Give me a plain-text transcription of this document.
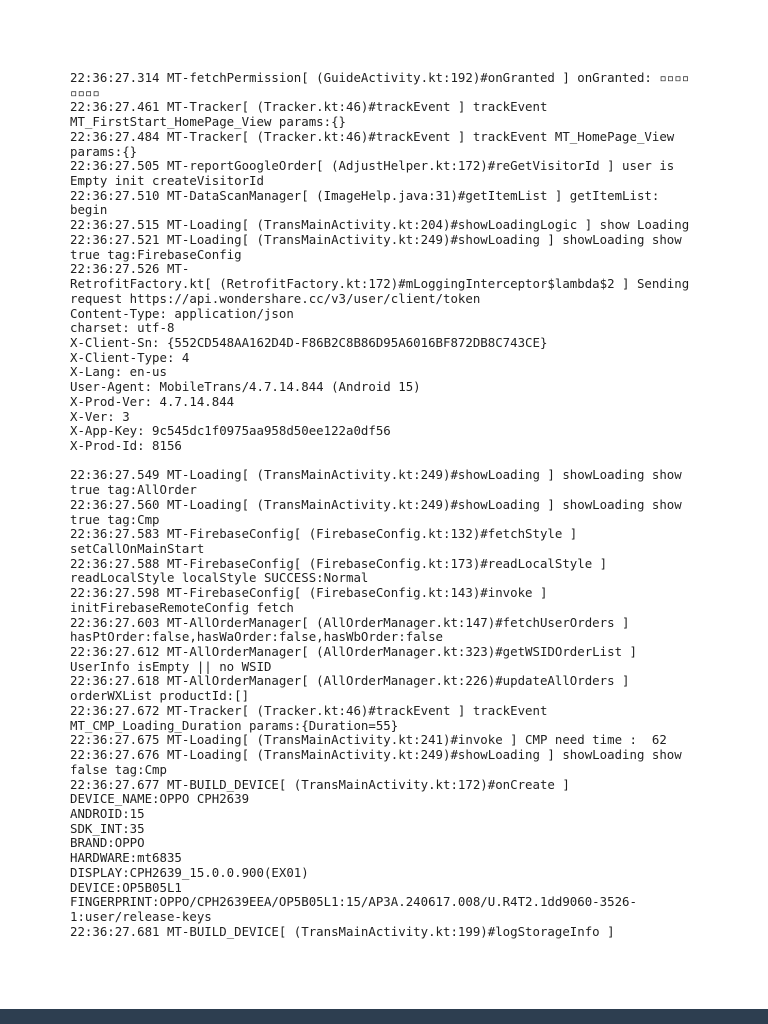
22:36:27.314 MT-fetchPermission[ (GuideActivity.kt:192)#onGranted ] onGranted: ▫▫▫▫
▫▫▫▫
22:36:27.461 MT-Tracker[ (Tracker.kt:46)#trackEvent ] trackEvent
MT_FirstStart_HomePage_View params:{}
22:36:27.484 MT-Tracker[ (Tracker.kt:46)#trackEvent ] trackEvent MT_HomePage_View
params:{}
22:36:27.505 MT-reportGoogleOrder[ (AdjustHelper.kt:172)#reGetVisitorId ] user is
Empty init createVisitorId
22:36:27.510 MT-DataScanManager[ (ImageHelp.java:31)#getItemList ] getItemList:
begin
22:36:27.515 MT-Loading[ (TransMainActivity.kt:204)#showLoadingLogic ] show Loading
22:36:27.521 MT-Loading[ (TransMainActivity.kt:249)#showLoading ] showLoading show
true tag:FirebaseConfig
22:36:27.526 MT-
RetrofitFactory.kt[ (RetrofitFactory.kt:172)#mLoggingInterceptor$lambda$2 ] Sending
request https://api.wondershare.cc/v3/user/client/token
Content-Type: application/json
charset: utf-8
X-Client-Sn: {552CD548AA162D4D-F86B2C8B86D95A6016BF872DB8C743CE}
X-Client-Type: 4
X-Lang: en-us
User-Agent: MobileTrans/4.7.14.844 (Android 15)
X-Prod-Ver: 4.7.14.844
X-Ver: 3
X-App-Key: 9c545dc1f0975aa958d50ee122a0df56
X-Prod-Id: 8156

22:36:27.549 MT-Loading[ (TransMainActivity.kt:249)#showLoading ] showLoading show
true tag:AllOrder
22:36:27.560 MT-Loading[ (TransMainActivity.kt:249)#showLoading ] showLoading show
true tag:Cmp
22:36:27.583 MT-FirebaseConfig[ (FirebaseConfig.kt:132)#fetchStyle ]
setCallOnMainStart
22:36:27.588 MT-FirebaseConfig[ (FirebaseConfig.kt:173)#readLocalStyle ]
readLocalStyle localStyle SUCCESS:Normal
22:36:27.598 MT-FirebaseConfig[ (FirebaseConfig.kt:143)#invoke ]
initFirebaseRemoteConfig fetch
22:36:27.603 MT-AllOrderManager[ (AllOrderManager.kt:147)#fetchUserOrders ]
hasPtOrder:false,hasWaOrder:false,hasWbOrder:false
22:36:27.612 MT-AllOrderManager[ (AllOrderManager.kt:323)#getWSIDOrderList ]
UserInfo isEmpty || no WSID
22:36:27.618 MT-AllOrderManager[ (AllOrderManager.kt:226)#updateAllOrders ]
orderWXList productId:[]
22:36:27.672 MT-Tracker[ (Tracker.kt:46)#trackEvent ] trackEvent
MT_CMP_Loading_Duration params:{Duration=55}
22:36:27.675 MT-Loading[ (TransMainActivity.kt:241)#invoke ] CMP need time :  62
22:36:27.676 MT-Loading[ (TransMainActivity.kt:249)#showLoading ] showLoading show
false tag:Cmp
22:36:27.677 MT-BUILD_DEVICE[ (TransMainActivity.kt:172)#onCreate ]
DEVICE_NAME:OPPO CPH2639
ANDROID:15
SDK_INT:35
BRAND:OPPO
HARDWARE:mt6835
DISPLAY:CPH2639_15.0.0.900(EX01)
DEVICE:OP5B05L1
FINGERPRINT:OPPO/CPH2639EEA/OP5B05L1:15/AP3A.240617.008/U.R4T2.1dd9060-3526-
1:user/release-keys
22:36:27.681 MT-BUILD_DEVICE[ (TransMainActivity.kt:199)#logStorageInfo ]
